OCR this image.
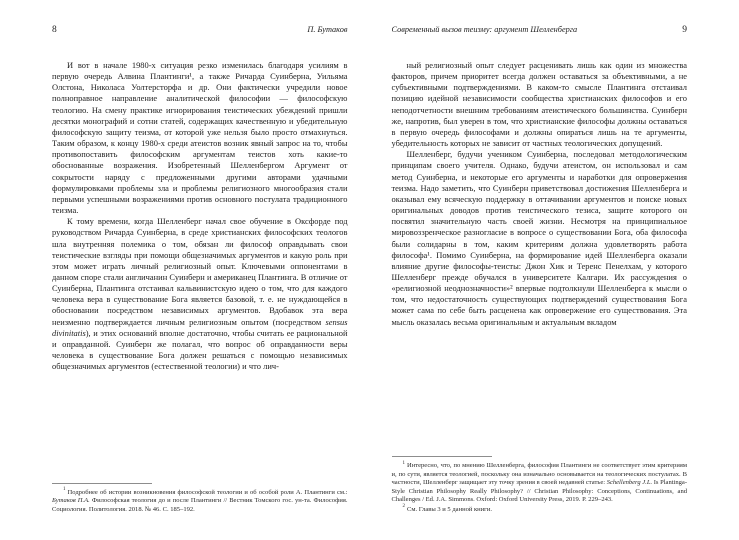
8	П. Бутаков

И вот в начале 1980-х ситуация резко изменилась благодаря усилиям в первую очередь Алвина Плантинги¹, а также Ричарда Суинберна, Уильяма Олстона, Николаса Уолтерсторфа и др. Они фактически учредили новое полноправное направление аналитической философии — философскую теологию. На смену практике игнорирования теистических убеждений пришли десятки монографий и сотни статей, содержащих качественную и убедительную философскую защиту теизма, от которой уже нельзя было просто отмахнуться. Таким образом, к концу 1980-х среди атеистов возник явный запрос на то, чтобы противопоставить философским аргументам теистов хоть какие-то обоснованные возражения. Изобретенный Шелленбергом Аргумент от сокрытости наряду с предложенными другими авторами удачными формулировками проблемы зла и проблемы религиозного многообразия стали первыми успешными возражениями против основного постулата традиционного теизма.

К тому времени, когда Шелленберг начал свое обучение в Оксфорде под руководством Ричарда Суинберна, в среде христианских философских теологов шла внутренняя полемика о том, обязан ли философ оправдывать свои теистические взгляды при помощи общезначимых аргументов и какую роль при этом может играть личный религиозный опыт. Ключевыми оппонентами в данном споре стали англичанин Суинберн и американец Плантинга. В отличие от Суинберна, Плантинга отстаивал кальвинистскую идею о том, что для каждого человека вера в существование Бога является базовой, т. е. не нуждающейся в обосновании посредством независимых аргументов. Вдобавок эта вера неизменно подтверждается личным религиозным опытом (посредством sensus divinitatis), и этих оснований вполне достаточно, чтобы считать ее рациональной и оправданной. Суинберн же полагал, что вопрос об оправданности веры человека в существование Бога должен решаться с помощью независимых общезначимых аргументов (естественной теологии) и что лич-

$^1$ Подробнее об истории возникновения философской теологии и об особой роли А. Плантинги см.: Бутаков П.А. Философская теология до и после Плантинги // Вестник Томского гос. ун-та. Философия. Социология. Политология. 2018. № 46. С. 185–192.

Современный вызов теизму: аргумент Шелленберга	9

ный религиозный опыт следует расценивать лишь как один из множества факторов, причем приоритет всегда должен оставаться за объективными, а не субъективными подтверждениями. В каком-то смысле Плантинга отстаивал позицию идейной независимости сообщества христианских философов и его неподотчетности внешним требованиям атеистического большинства. Суинберн же, напротив, был уверен в том, что христианские философы должны оставаться в первую очередь философами и должны опираться лишь на те аргументы, убедительность которых не зависит от частных теологических допущений.

Шелленберг, будучи учеником Суинберна, последовал методологическим принципам своего учителя. Однако, будучи атеистом, он использовал и сам метод Суинберна, и некоторые его аргументы и наработки для опровержения теизма. Надо заметить, что Суинберн приветствовал достижения Шелленберга и оказывал ему всяческую поддержку в оттачивании аргументов и поиске новых оригинальных доводов против теистического тезиса, защите которого он посвятил значительную часть своей жизни. Несмотря на принципиальное мировоззренческое разногласие в вопросе о существовании Бога, оба философа были солидарны в том, каким критериям должна удовлетворять работа философа¹. Помимо Суинберна, на формирование идей Шелленберга оказали влияние другие философы-теисты: Джон Хик и Теренс Пенелхам, у которого Шелленберг прежде обучался в университете Калгари. Их рассуждения о «религиозной неоднозначности»² впервые подтолкнули Шелленберга к мысли о том, что недостаточность существующих подтверждений существования Бога может сама по себе быть расценена как опровержение его существования. Эта мысль оказалась весьма оригинальным и актуальным вкладом

$^1$ Интересно, что, по мнению Шелленберга, философия Плантинги не соответствует этим критериям и, по сути, является теологией, поскольку она изначально основывается на теологических постулатах. В частности, Шелленберг защищает эту точку зрения в своей недавней статье: Schellenberg J.L. Is Plantinga-Style Christian Philosophy Really Philosophy? // Christian Philosophy: Conceptions, Continuations, and Challenges / Ed. J.A. Simmons. Oxford: Oxford University Press, 2019. P. 229–243.

$^2$ См. Главы 3 и 5 данной книги.
